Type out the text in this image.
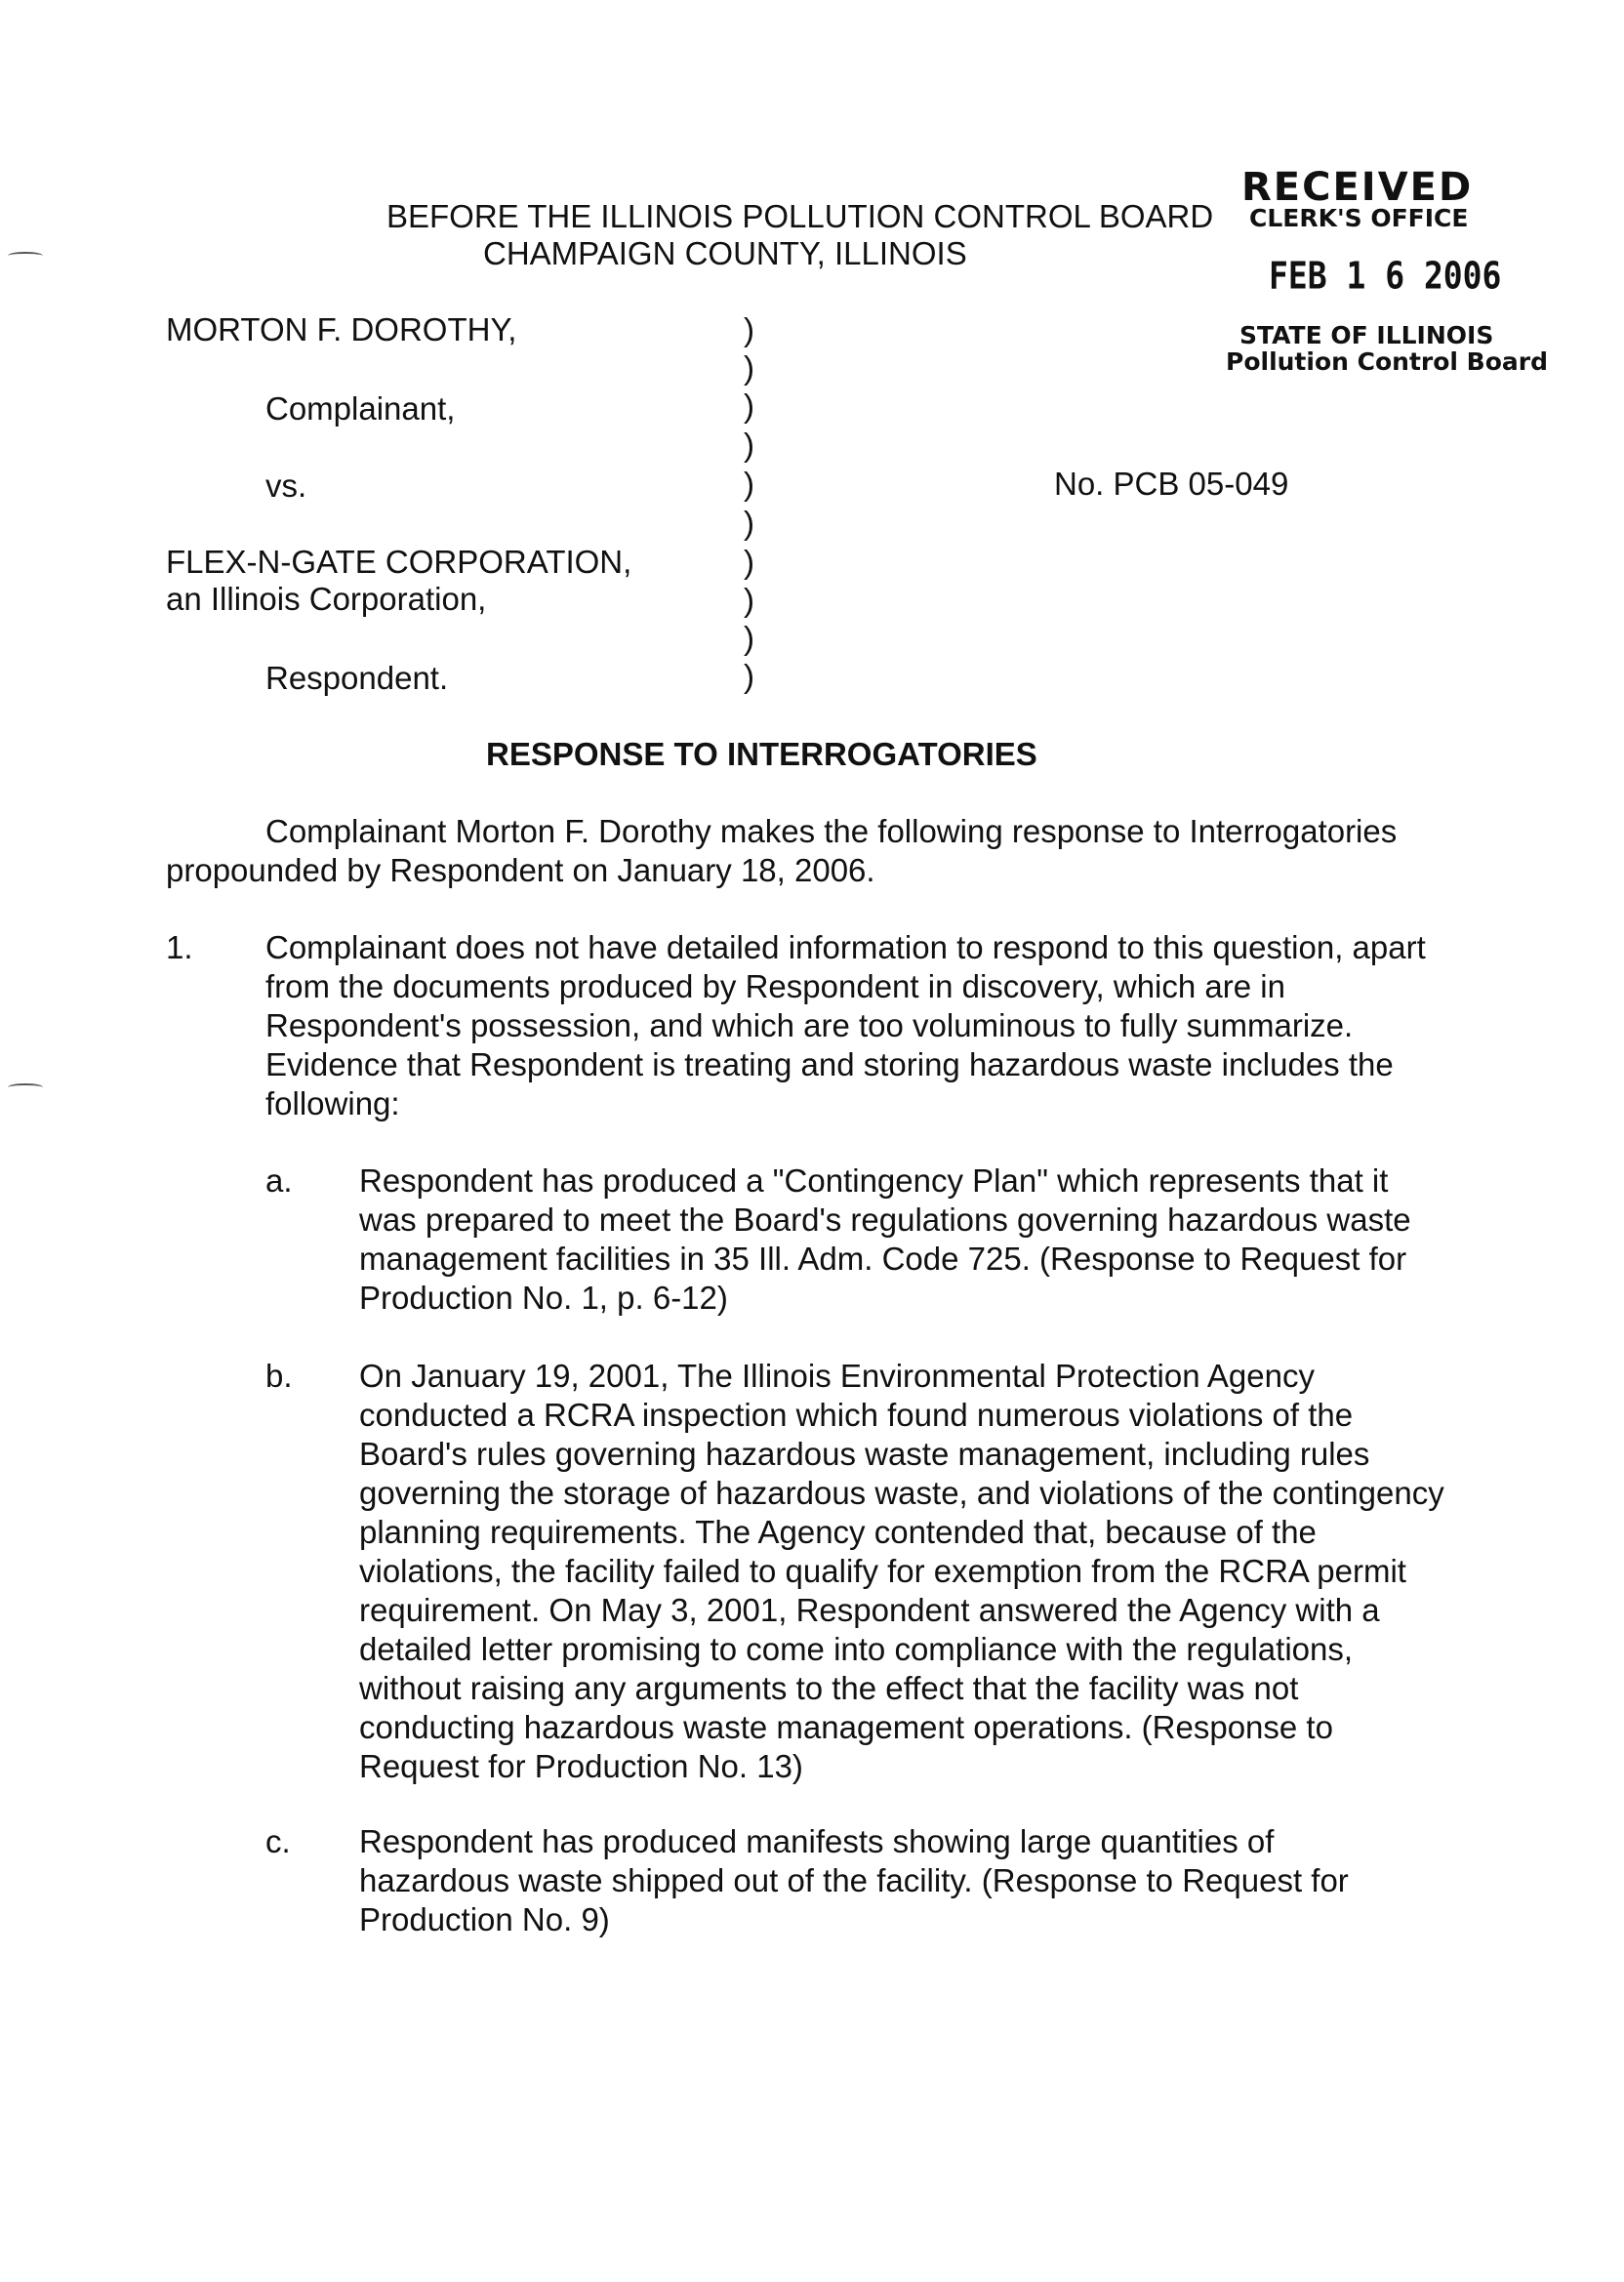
BEFORE THE ILLINOIS POLLUTION CONTROL BOARD
CHAMPAIGN COUNTY, ILLINOIS
RECEIVED
CLERK'S OFFICE
FEB 1 6 2006
STATE OF ILLINOIS
Pollution Control Board
MORTON F. DOROTHY,
Complainant,
vs.
FLEX-N-GATE CORPORATION,
an Illinois Corporation,
Respondent.
)
)
)
)
)
)
)
)
)
)
No. PCB 05-049
RESPONSE TO INTERROGATORIES
Complainant Morton F. Dorothy makes the following response to Interrogatories propounded by Respondent on January 18, 2006.
1. Complainant does not have detailed information to respond to this question, apart from the documents produced by Respondent in discovery, which are in Respondent's possession, and which are too voluminous to fully summarize. Evidence that Respondent is treating and storing hazardous waste includes the following:
a. Respondent has produced a "Contingency Plan" which represents that it was prepared to meet the Board's regulations governing hazardous waste management facilities in 35 Ill. Adm. Code 725. (Response to Request for Production No. 1, p. 6-12)
b. On January 19, 2001, The Illinois Environmental Protection Agency conducted a RCRA inspection which found numerous violations of the Board's rules governing hazardous waste management, including rules governing the storage of hazardous waste, and violations of the contingency planning requirements. The Agency contended that, because of the violations, the facility failed to qualify for exemption from the RCRA permit requirement. On May 3, 2001, Respondent answered the Agency with a detailed letter promising to come into compliance with the regulations, without raising any arguments to the effect that the facility was not conducting hazardous waste management operations. (Response to Request for Production No. 13)
c. Respondent has produced manifests showing large quantities of hazardous waste shipped out of the facility. (Response to Request for Production No. 9)
